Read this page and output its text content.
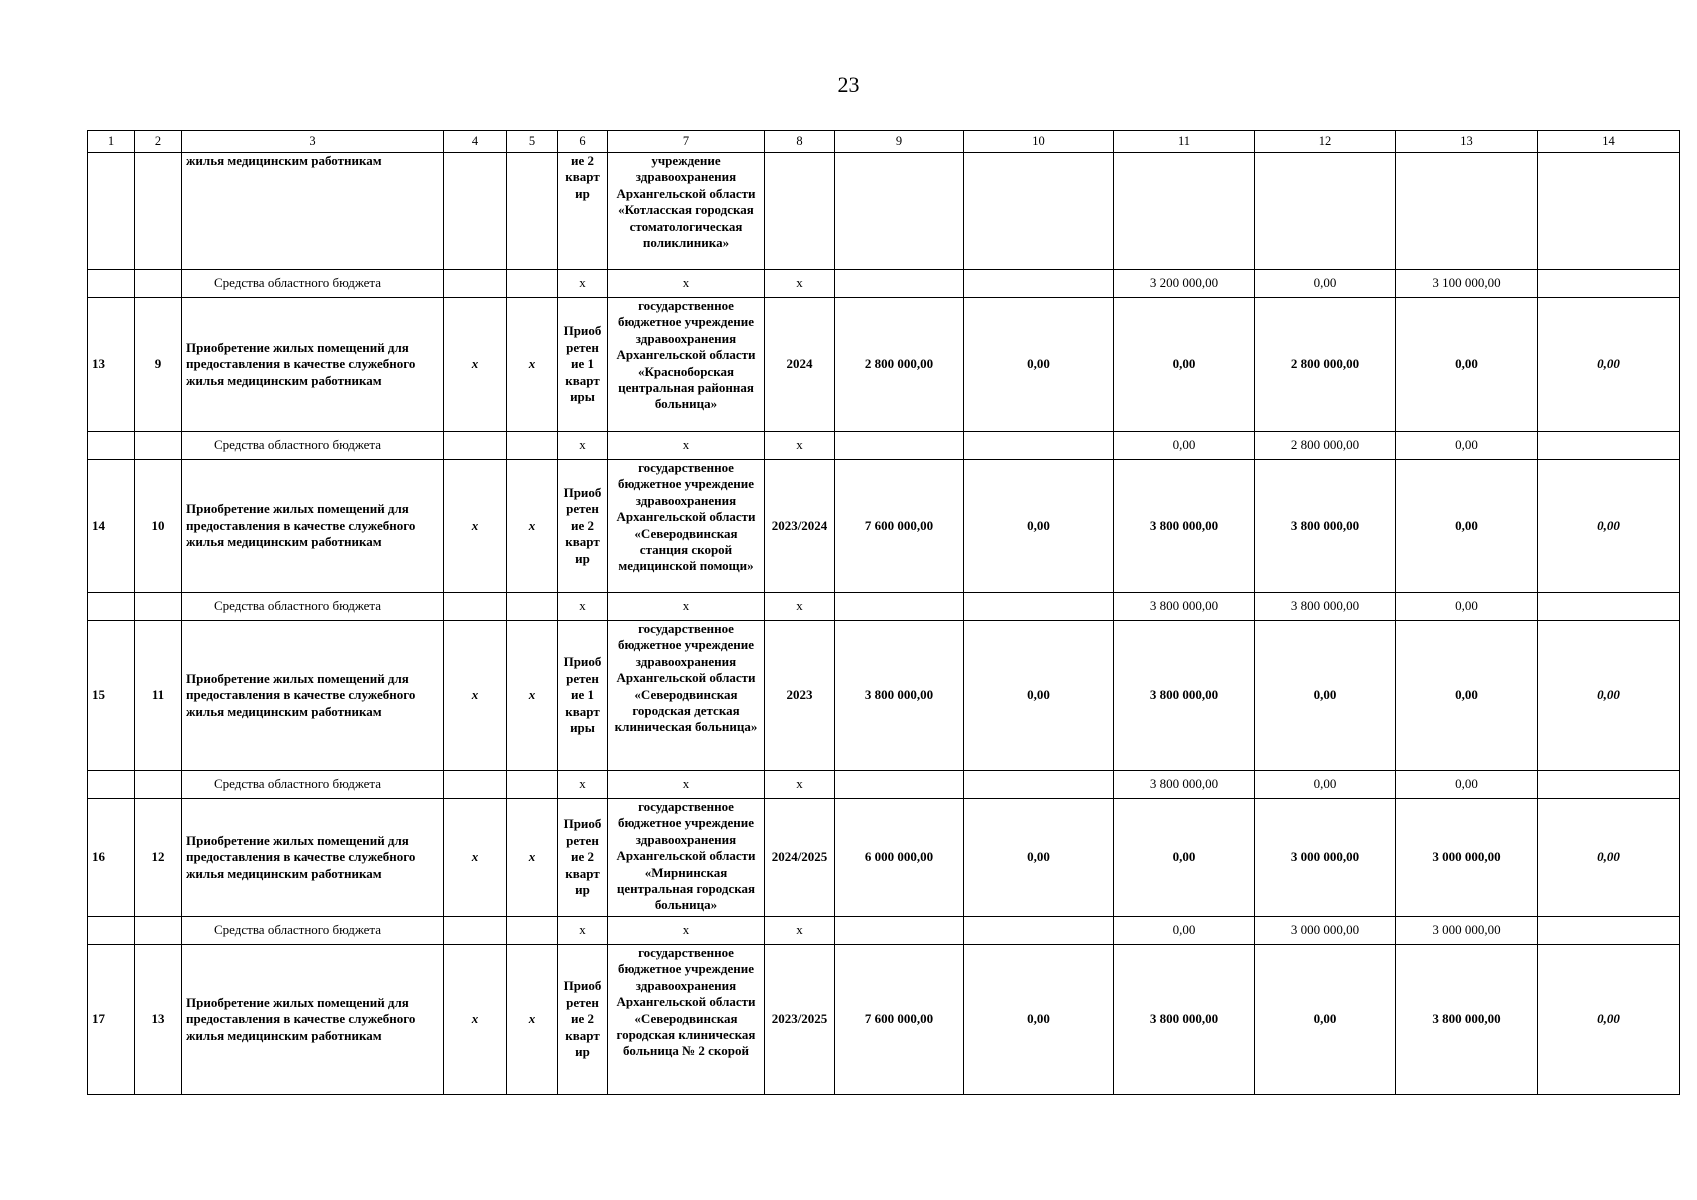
23
1	2	3	4	5	6	7	8	9	10	11	12	13	14
		жилья медицинским работникам			ие 2 кварт ир	учреждение здравоохранения Архангельской области «Котласская городская стоматологическая поликлиника»							
		Средства областного бюджета			х	х	х			3 200 000,00	0,00	3 100 000,00	
13	9	Приобретение жилых помещений для предоставления в качестве служебного жилья медицинским работникам	х	х	Приоб ретен ие 1 кварт иры	государственное бюджетное учреждение здравоохранения Архангельской области «Красноборская центральная районная больница»	2024	2 800 000,00	0,00	0,00	2 800 000,00	0,00	0,00
		Средства областного бюджета			х	х	х			0,00	2 800 000,00	0,00	
14	10	Приобретение жилых помещений для предоставления в качестве служебного жилья медицинским работникам	х	х	Приоб ретен ие 2 кварт ир	государственное бюджетное учреждение здравоохранения Архангельской области «Северодвинская станция скорой медицинской помощи»	2023/2024	7 600 000,00	0,00	3 800 000,00	3 800 000,00	0,00	0,00
		Средства областного бюджета			х	х	х			3 800 000,00	3 800 000,00	0,00	
15	11	Приобретение жилых помещений для предоставления в качестве служебного жилья медицинским работникам	х	х	Приоб ретен ие 1 кварт иры	государственное бюджетное учреждение здравоохранения Архангельской области «Северодвинская городская детская клиническая больница»	2023	3 800 000,00	0,00	3 800 000,00	0,00	0,00	0,00
		Средства областного бюджета			х	х	х			3 800 000,00	0,00	0,00	
16	12	Приобретение жилых помещений для предоставления в качестве служебного жилья медицинским работникам	х	х	Приоб ретен ие 2 кварт ир	государственное бюджетное учреждение здравоохранения Архангельской области «Мирнинская центральная городская больница»	2024/2025	6 000 000,00	0,00	0,00	3 000 000,00	3 000 000,00	0,00
		Средства областного бюджета			х	х	х			0,00	3 000 000,00	3 000 000,00	
17	13	Приобретение жилых помещений для предоставления в качестве служебного жилья медицинским работникам	х	х	Приоб ретен ие 2 кварт ир	государственное бюджетное учреждение здравоохранения Архангельской области «Северодвинская городская клиническая больница № 2 скорой	2023/2025	7 600 000,00	0,00	3 800 000,00	0,00	3 800 000,00	0,00
